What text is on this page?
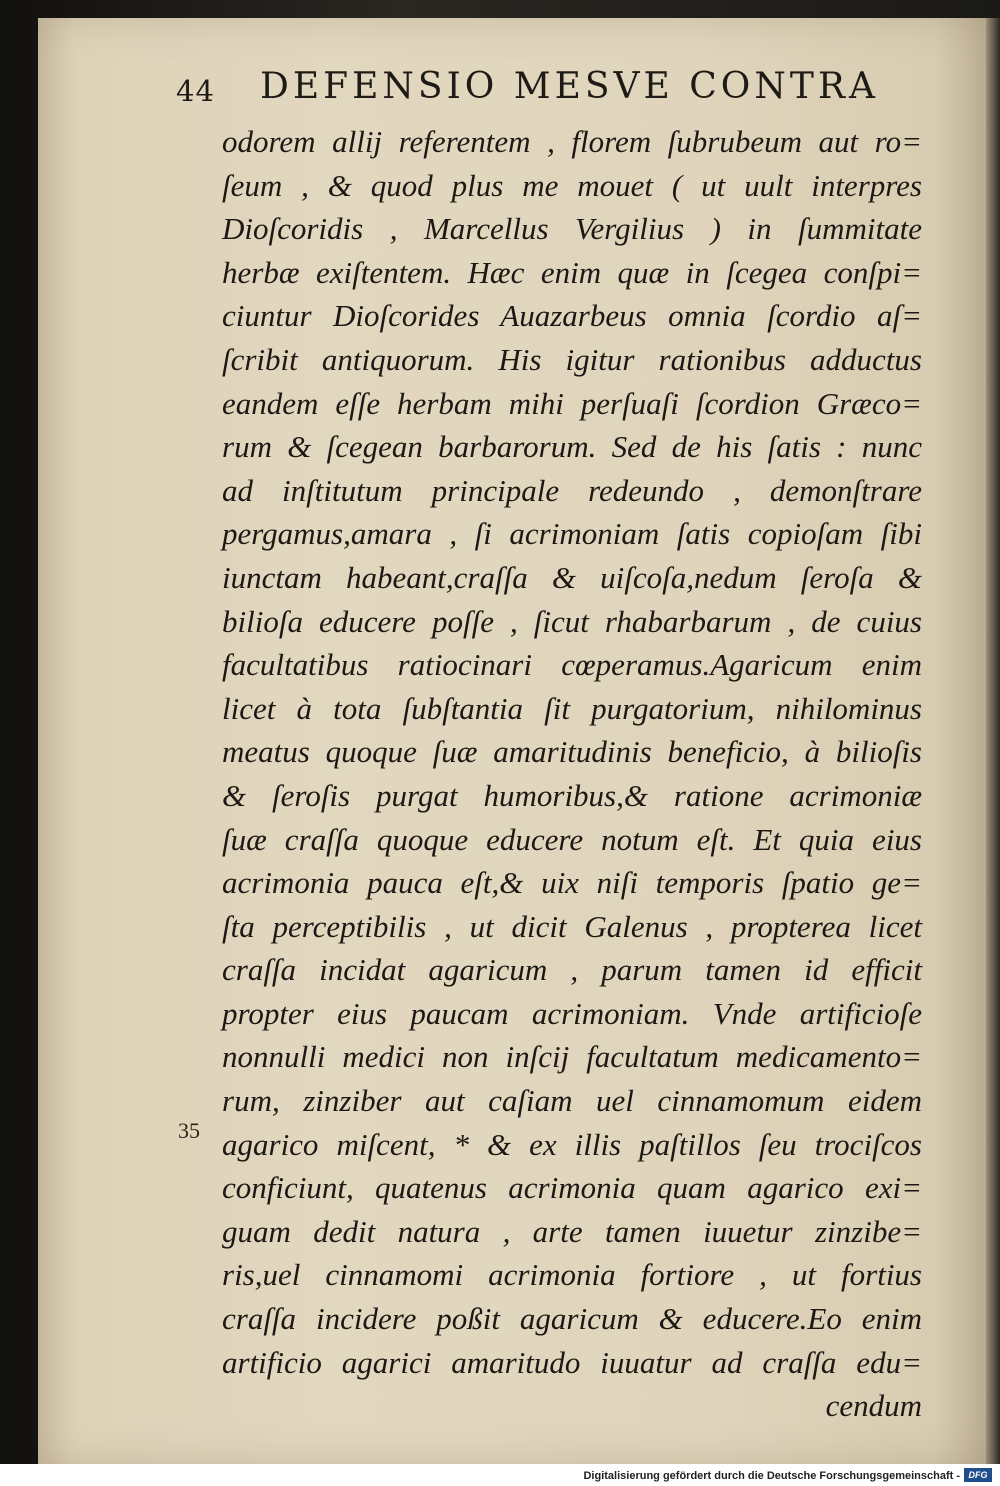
44 DEFENSIO MESVE CONTRA
35
odorem allij referentem , florem ſubrubeum aut ro=
ſeum , & quod plus me mouet ( ut uult interpres
Dioſcoridis , Marcellus Vergilius ) in ſummitate
herbæ exiſtentem. Hæc enim quæ in ſcegea conſpi=
ciuntur Dioſcorides Auazarbeus omnia ſcordio aſ=
ſcribit antiquorum. His igitur rationibus adductus
eandem eſſe herbam mihi perſuaſi ſcordion Græco=
rum & ſcegean barbarorum. Sed de his ſatis : nunc
ad inſtitutum principale redeundo , demonſtrare
pergamus,amara , ſi acrimoniam ſatis copioſam ſibi
iunctam habeant,craſſa & uiſcoſa,nedum ſeroſa &
bilioſa educere poſſe , ſicut rhabarbarum , de cuius
facultatibus ratiocinari cœperamus.Agaricum enim
licet à tota ſubſtantia ſit purgatorium, nihilominus
meatus quoque ſuæ amaritudinis beneficio, à bilioſis
& ſeroſis purgat humoribus,& ratione acrimoniæ
ſuæ craſſa quoque educere notum eſt. Et quia eius
acrimonia pauca eſt,& uix niſi temporis ſpatio ge=
ſta perceptibilis , ut dicit Galenus , propterea licet
craſſa incidat agaricum , parum tamen id efficit
propter eius paucam acrimoniam. Vnde artificioſe
nonnulli medici non inſcij facultatum medicamento=
rum, zinziber aut caſiam uel cinnamomum eidem
agarico miſcent, * & ex illis paſtillos ſeu trociſcos
conficiunt, quatenus acrimonia quam agarico exi=
guam dedit natura , arte tamen iuuetur zinzibe=
ris,uel cinnamomi acrimonia fortiore , ut fortius
craſſa incidere poßit agaricum & educere.Eo enim
artificio agarici amaritudo iuuatur ad craſſa edu=
cendum
Digitalisierung gefördert durch die Deutsche Forschungsgemeinschaft - DFG
